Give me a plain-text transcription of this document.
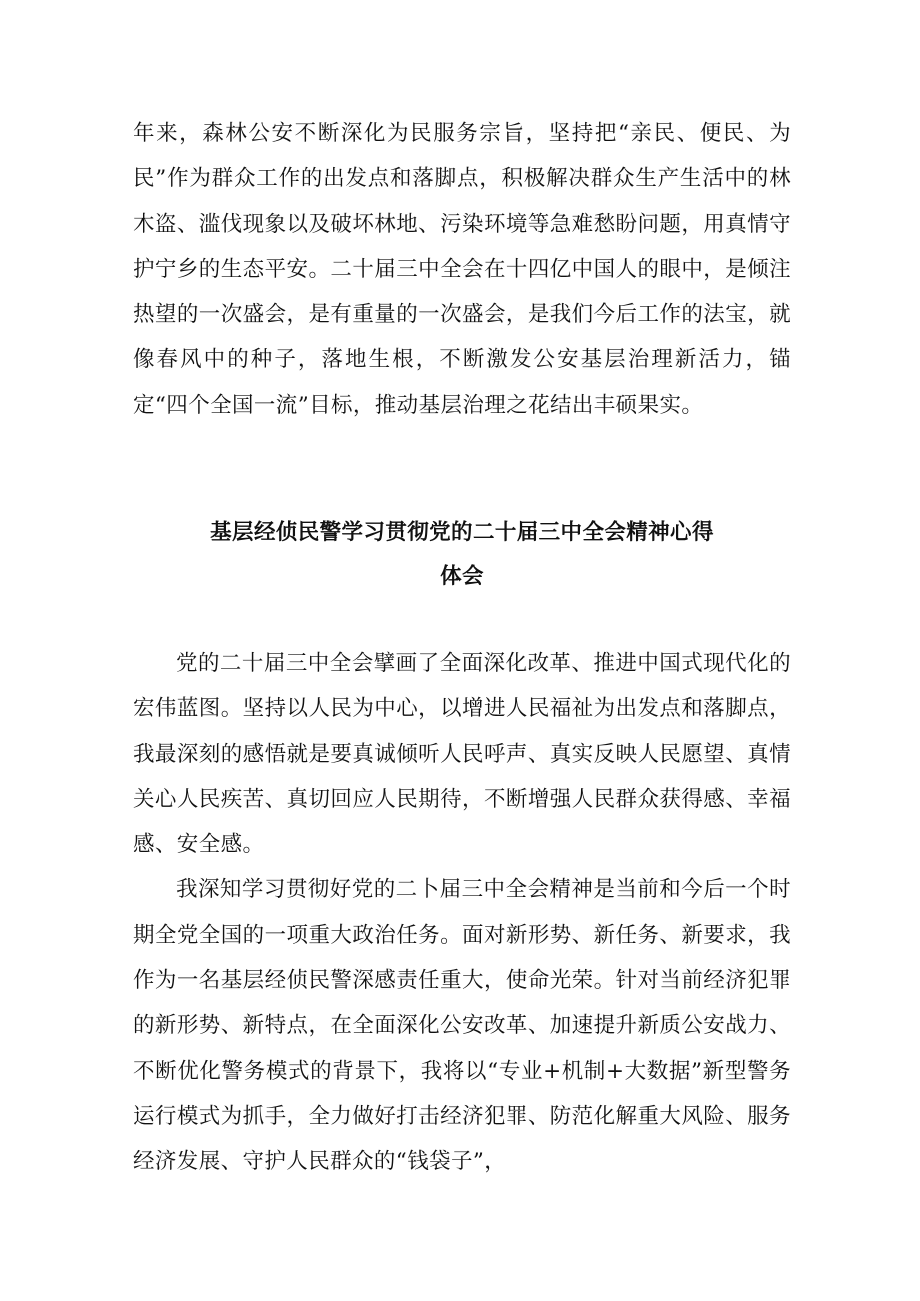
年来，森林公安不断深化为民服务宗旨，坚持把“亲民、便民、为民”作为群众工作的出发点和落脚点，积极解决群众生产生活中的林木盗、滥伐现象以及破坏林地、污染环境等急难愁盼问题，用真情守护宁乡的生态平安。二十届三中全会在十四亿中国人的眼中，是倾注热望的一次盛会，是有重量的一次盛会，是我们今后工作的法宝，就像春风中的种子，落地生根，不断激发公安基层治理新活力，锚定“四个全国一流”目标，推动基层治理之花结出丰硕果实。

基层经侦民警学习贯彻党的二十届三中全会精神心得
体会

党的二十届三中全会擘画了全面深化改革、推进中国式现代化的宏伟蓝图。坚持以人民为中心，以增进人民福祉为出发点和落脚点，我最深刻的感悟就是要真诚倾听人民呼声、真实反映人民愿望、真情关心人民疾苦、真切回应人民期待，不断增强人民群众获得感、幸福感、安全感。

我深知学习贯彻好党的二卜届三中全会精神是当前和今后一个时期全党全国的一项重大政治任务。面对新形势、新任务、新要求，我作为一名基层经侦民警深感责任重大，使命光荣。针对当前经济犯罪的新形势、新特点，在全面深化公安改革、加速提升新质公安战力、不断优化警务模式的背景下，我将以“专业+机制+大数据”新型警务运行模式为抓手，全力做好打击经济犯罪、防范化解重大风险、服务经济发展、守护人民群众的“钱袋子”，
